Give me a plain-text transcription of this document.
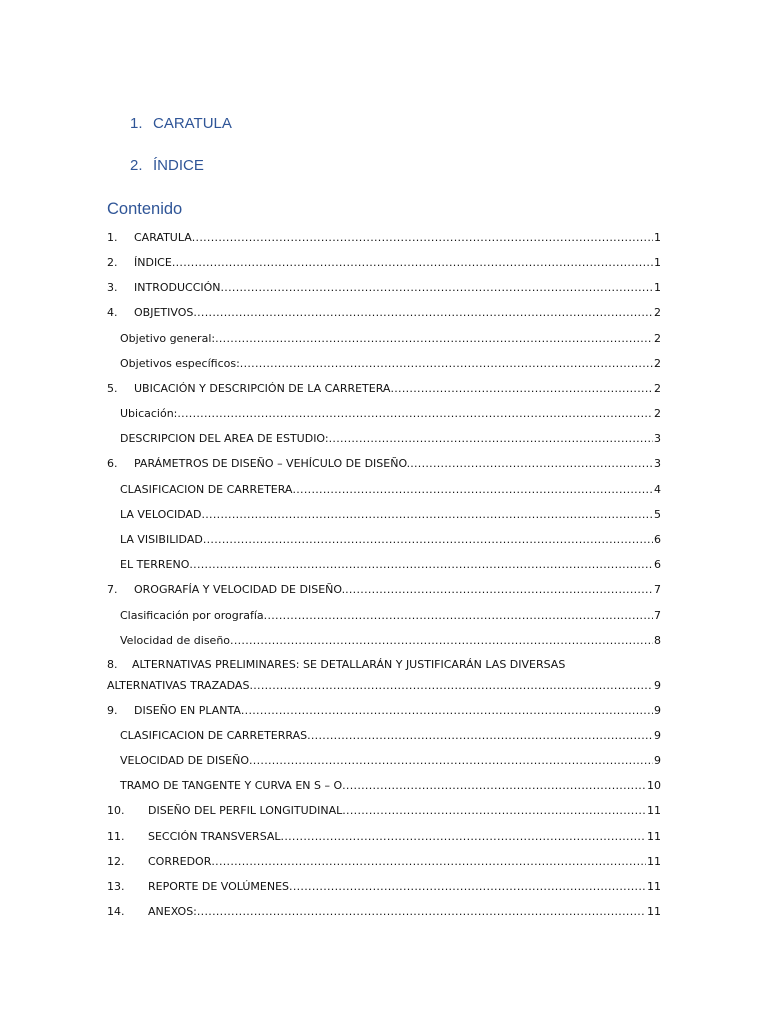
1. CARATULA
2. ÍNDICE
Contenido
1.	CARATULA .....	1
2.	ÍNDICE .....	1
3.	INTRODUCCIÓN .....	1
4.	OBJETIVOS .....	2
Objetivo general: .....	2
Objetivos específicos: .....	2
5.	UBICACIÓN Y DESCRIPCIÓN DE LA CARRETERA .....	2
Ubicación: .....	2
DESCRIPCION DEL AREA DE ESTUDIO: .....	3
6.	PARÁMETROS DE DISEÑO – VEHÍCULO DE DISEÑO. .....	3
CLASIFICACION DE CARRETERA .....	4
LA VELOCIDAD .....	5
LA VISIBILIDAD .....	6
EL TERRENO .....	6
7.	OROGRAFÍA Y VELOCIDAD DE DISEÑO. .....	7
Clasificación por orografía .....	7
Velocidad de diseño .....	8
8. ALTERNATIVAS PRELIMINARES: SE DETALLARÁN Y JUSTIFICARÁN LAS DIVERSAS
ALTERNATIVAS TRAZADAS .....	9
9.	DISEÑO EN PLANTA .....	9
CLASIFICACION DE CARRETERRAS .....	9
VELOCIDAD DE DISEÑO .....	9
TRAMO DE TANGENTE Y CURVA EN S – O .....	10
10.	DISEÑO DEL PERFIL LONGITUDINAL .....	11
11.	SECCIÓN TRANSVERSAL .....	11
12.	CORREDOR .....	11
13.	REPORTE DE VOLÚMENES .....	11
14.	ANEXOS: .....	11
